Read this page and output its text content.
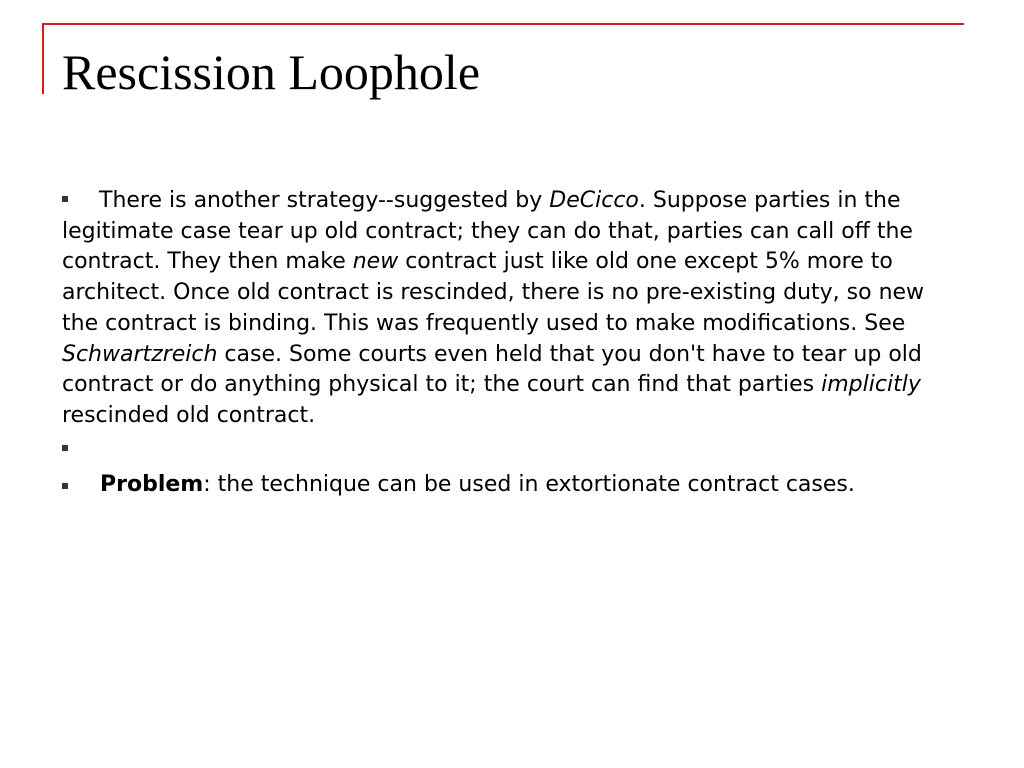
Rescission Loophole
There is another strategy--suggested by DeCicco. Suppose parties in the legitimate case tear up old contract; they can do that, parties can call off the contract. They then make new contract just like old one except 5% more to architect. Once old contract is rescinded, there is no pre-existing duty, so new the contract is binding. This was frequently used to make modifications. See Schwartzreich case. Some courts even held that you don't have to tear up old contract or do anything physical to it; the court can find that parties implicitly rescinded old contract.

Problem: the technique can be used in extortionate contract cases.
